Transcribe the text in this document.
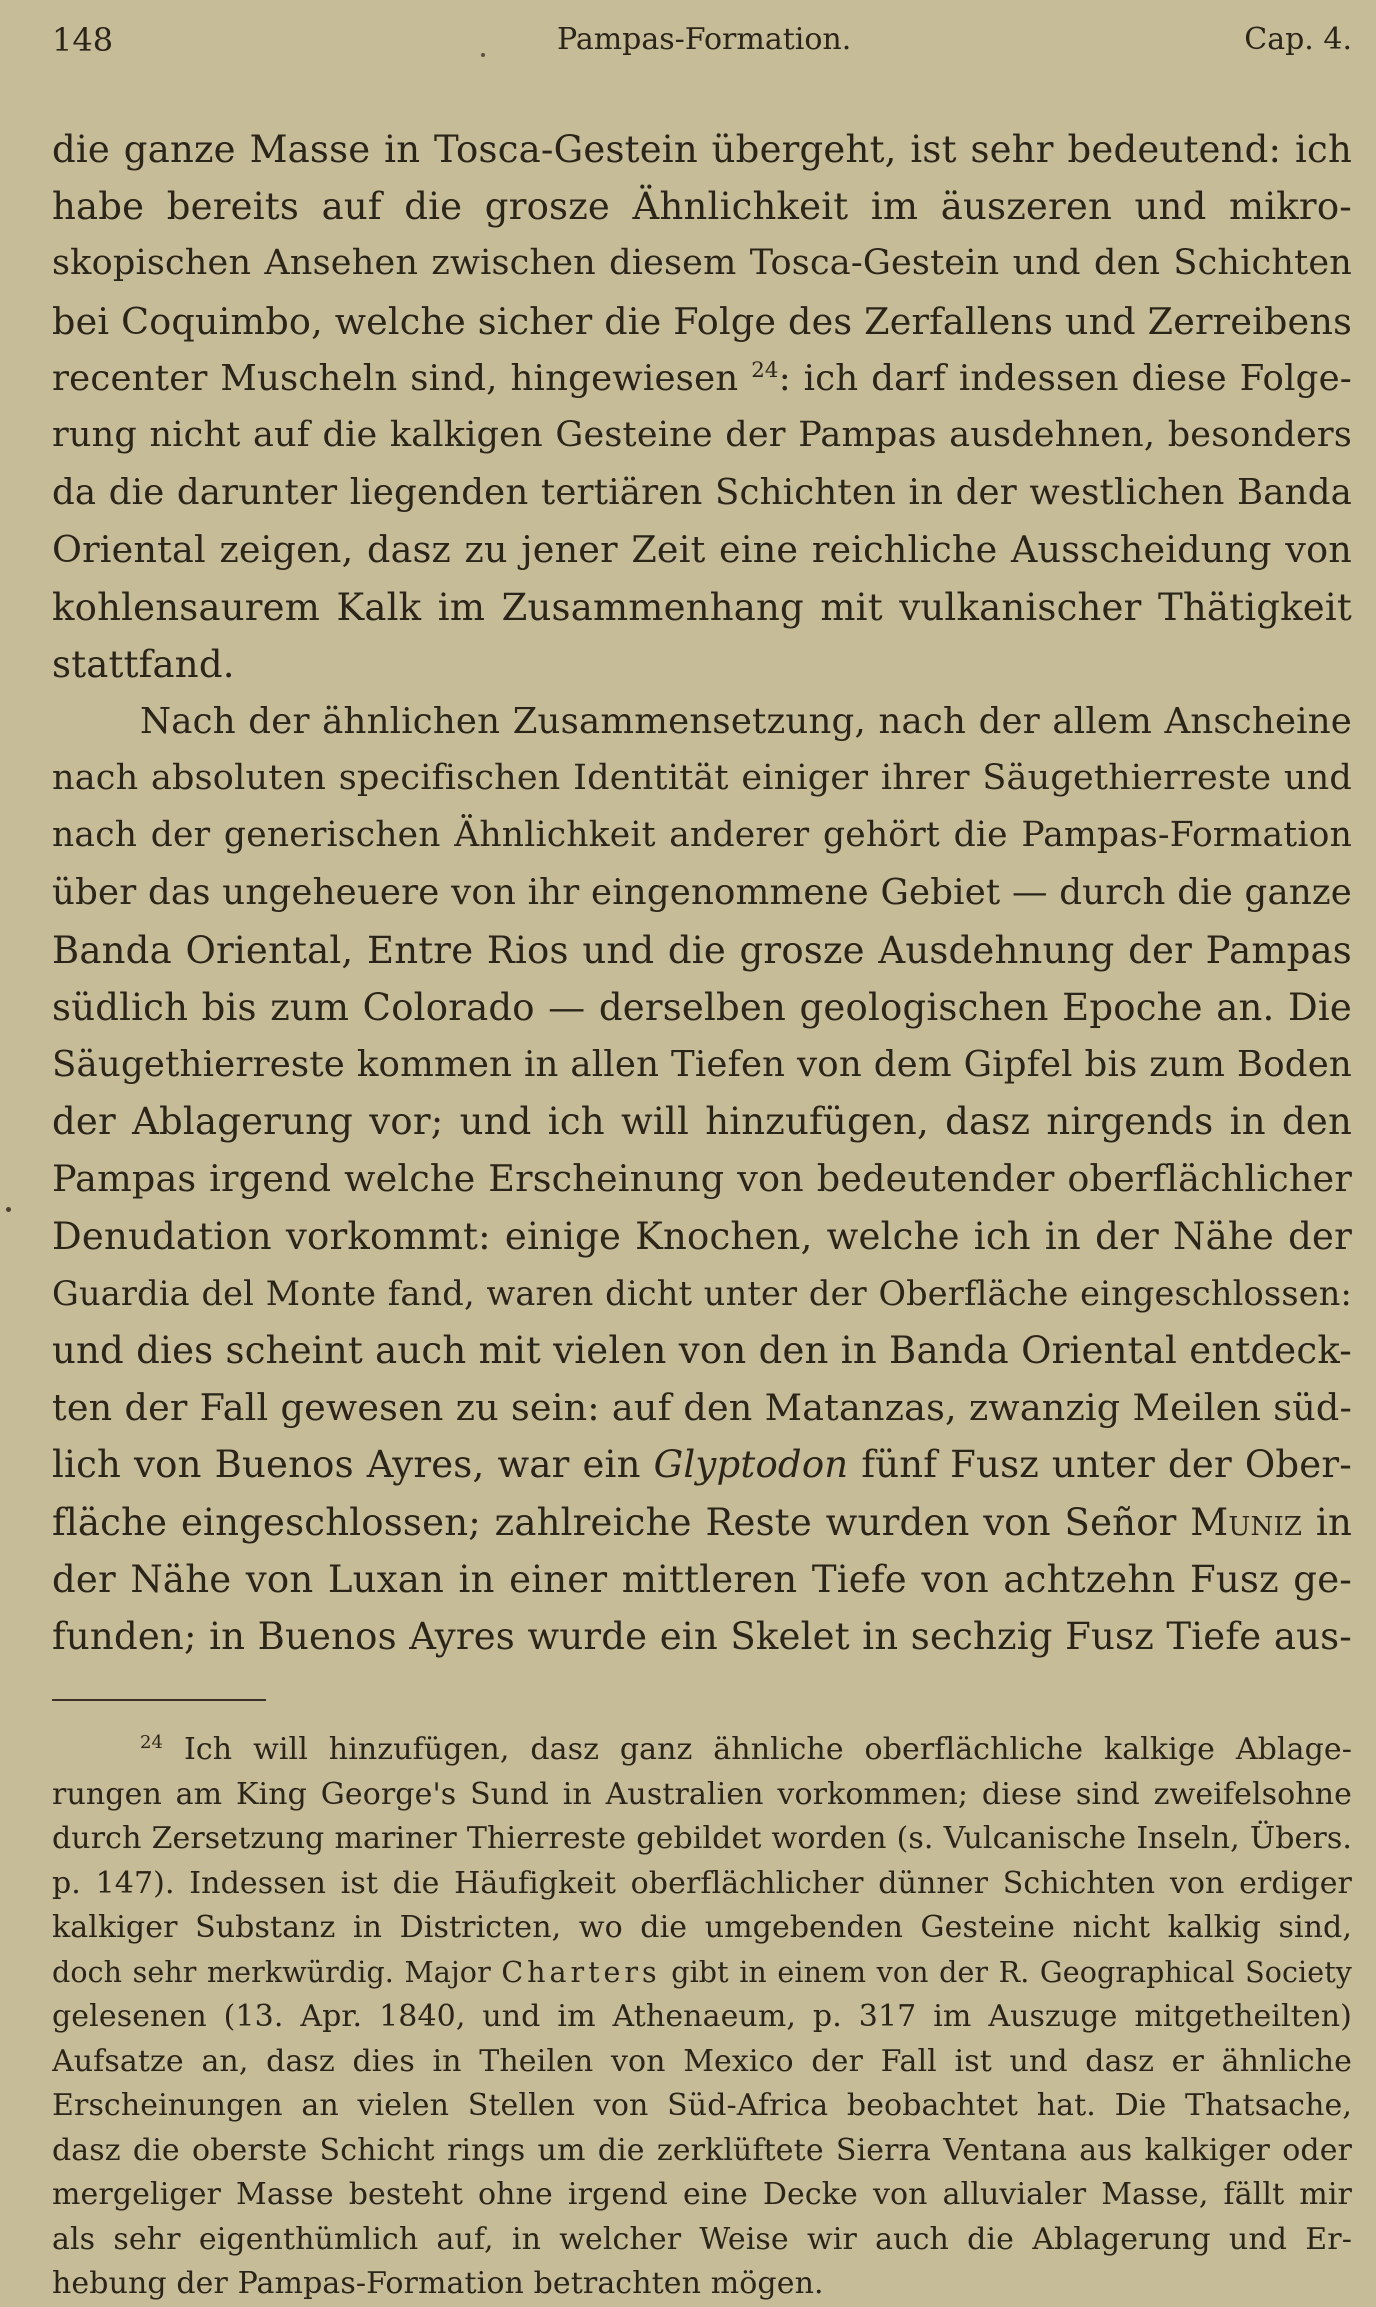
148	Pampas-Formation.	Cap. 4.
die ganze Masse in Tosca-Gestein übergeht, ist sehr bedeutend: ich
habe bereits auf die grosze Ähnlichkeit im äuszeren und mikro-
skopischen Ansehen zwischen diesem Tosca-Gestein und den Schichten
bei Coquimbo, welche sicher die Folge des Zerfallens und Zerreibens
recenter Muscheln sind, hingewiesen $^{24}$: ich darf indessen diese Folge-
rung nicht auf die kalkigen Gesteine der Pampas ausdehnen, besonders
da die darunter liegenden tertiären Schichten in der westlichen Banda
Oriental zeigen, dasz zu jener Zeit eine reichliche Ausscheidung von
kohlensaurem Kalk im Zusammenhang mit vulkanischer Thätigkeit
stattfand.
Nach der ähnlichen Zusammensetzung, nach der allem Anscheine
nach absoluten specifischen Identität einiger ihrer Säugethierreste und
nach der generischen Ähnlichkeit anderer gehört die Pampas-Formation
über das ungeheuere von ihr eingenommene Gebiet — durch die ganze
Banda Oriental, Entre Rios und die grosze Ausdehnung der Pampas
südlich bis zum Colorado — derselben geologischen Epoche an. Die
Säugethierreste kommen in allen Tiefen von dem Gipfel bis zum Boden
der Ablagerung vor; und ich will hinzufügen, dasz nirgends in den
Pampas irgend welche Erscheinung von bedeutender oberflächlicher
Denudation vorkommt: einige Knochen, welche ich in der Nähe der
Guardia del Monte fand, waren dicht unter der Oberfläche eingeschlossen:
und dies scheint auch mit vielen von den in Banda Oriental entdeck-
ten der Fall gewesen zu sein: auf den Matanzas, zwanzig Meilen süd-
lich von Buenos Ayres, war ein Glyptodon fünf Fusz unter der Ober-
fläche eingeschlossen; zahlreiche Reste wurden von Señor Muniz in
der Nähe von Luxan in einer mittleren Tiefe von achtzehn Fusz ge-
funden; in Buenos Ayres wurde ein Skelet in sechzig Fusz Tiefe aus-
$^{24}$ Ich will hinzufügen, dasz ganz ähnliche oberflächliche kalkige Ablage-
rungen am King George's Sund in Australien vorkommen; diese sind zweifelsohne
durch Zersetzung mariner Thierreste gebildet worden (s. Vulcanische Inseln, Übers.
p. 147). Indessen ist die Häufigkeit oberflächlicher dünner Schichten von erdiger
kalkiger Substanz in Districten, wo die umgebenden Gesteine nicht kalkig sind,
doch sehr merkwürdig. Major Charters gibt in einem von der R. Geographical Society
gelesenen (13. Apr. 1840, und im Athenaeum, p. 317 im Auszuge mitgetheilten)
Aufsatze an, dasz dies in Theilen von Mexico der Fall ist und dasz er ähnliche
Erscheinungen an vielen Stellen von Süd-Africa beobachtet hat. Die Thatsache,
dasz die oberste Schicht rings um die zerklüftete Sierra Ventana aus kalkiger oder
mergeliger Masse besteht ohne irgend eine Decke von alluvialer Masse, fällt mir
als sehr eigenthümlich auf, in welcher Weise wir auch die Ablagerung und Er-
hebung der Pampas-Formation betrachten mögen.
